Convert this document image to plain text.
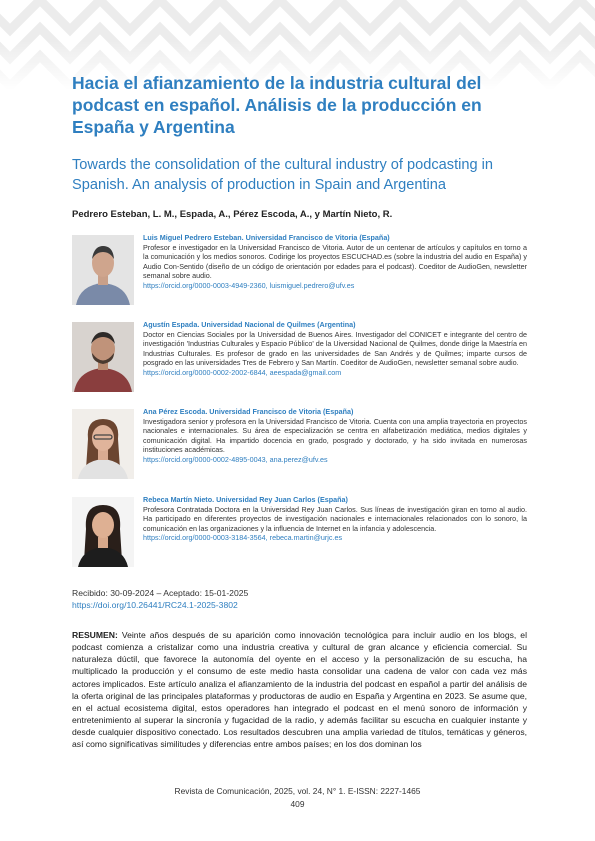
Hacia el afianzamiento de la industria cultural del podcast en español. Análisis de la producción en España y Argentina
Towards the consolidation of the cultural industry of podcasting in Spanish. An analysis of production in Spain and Argentina
Pedrero Esteban, L. M., Espada, A., Pérez Escoda, A., y Martín Nieto, R.
Luis Miguel Pedrero Esteban. Universidad Francisco de Vitoria (España)
Profesor e investigador en la Universidad Francisco de Vitoria. Autor de un centenar de artículos y capítulos en torno a la comunicación y los medios sonoros. Codirige los proyectos ESCUCHAD.es (sobre la industria del audio en España) y Audio Con-Sentido (diseño de un código de orientación por edades para el podcast). Coeditor de AudioGen, newsletter semanal sobre audio.
https://orcid.org/0000-0003-4949-2360, luismiguel.pedrero@ufv.es
Agustín Espada. Universidad Nacional de Quilmes (Argentina)
Doctor en Ciencias Sociales por la Universidad de Buenos Aires. Investigador del CONICET e integrante del centro de investigación 'Industrias Culturales y Espacio Público' de la Uiversidad Nacional de Quilmes, donde dirige la Maestría en Industrias Culturales. Es profesor de grado en las universidades de San Andrés y de Quilmes; imparte cursos de posgrado en las universidades Tres de Febrero y San Martín. Coeditor de AudioGen, newsletter semanal sobre audio.
https://orcid.org/0000-0002-2002-6844, aeespada@gmail.com
Ana Pérez Escoda. Universidad Francisco de Vitoria (España)
Investigadora senior y profesora en la Universidad Francisco de Vitoria. Cuenta con una amplia trayectoria en proyectos nacionales e internacionales. Su área de especialización se centra en alfabetización mediática, medios digitales y comunicación digital. Ha impartido docencia en grado, posgrado y doctorado, y ha sido invitada en numerosas instituciones académicas.
https://orcid.org/0000-0002-4895-0043, ana.perez@ufv.es
Rebeca Martín Nieto. Universidad Rey Juan Carlos (España)
Profesora Contratada Doctora en la Universidad Rey Juan Carlos. Sus líneas de investigación giran en torno al audio. Ha participado en diferentes proyectos de investigación nacionales e internacionales relacionados con lo sonoro, la comunicación en las organizaciones y la influencia de Internet en la infancia y adolescencia.
https://orcid.org/0000-0003-3184-3564, rebeca.martin@urjc.es
Recibido: 30-09-2024 – Aceptado: 15-01-2025
https://doi.org/10.26441/RC24.1-2025-3802

RESUMEN: Veinte años después de su aparición como innovación tecnológica para incluir audio en los blogs, el podcast comienza a cristalizar como una industria creativa y cultural de gran alcance y eficiencia comercial. Su naturaleza dúctil, que favorece la autonomía del oyente en el acceso y la personalización de su escucha, ha multiplicado la producción y el consumo de este medio hasta consolidar una cadena de valor con cada vez más actores implicados. Este artículo analiza el afianzamiento de la industria del podcast en español a partir del análisis de la oferta original de las principales plataformas y productoras de audio en España y Argentina en 2023. Se asume que, en el actual ecosistema digital, estos operadores han integrado el podcast en el menú sonoro de información y entretenimiento al superar la sincronía y fugacidad de la radio, y además facilitar su escucha en cualquier instante y desde cualquier dispositivo conectado. Los resultados descubren una amplia variedad de títulos, temáticas y géneros, así como significativas similitudes y diferencias entre ambos países; en los dos dominan los

Revista de Comunicación, 2025, vol. 24, N° 1. E-ISSN: 2227-1465
409
